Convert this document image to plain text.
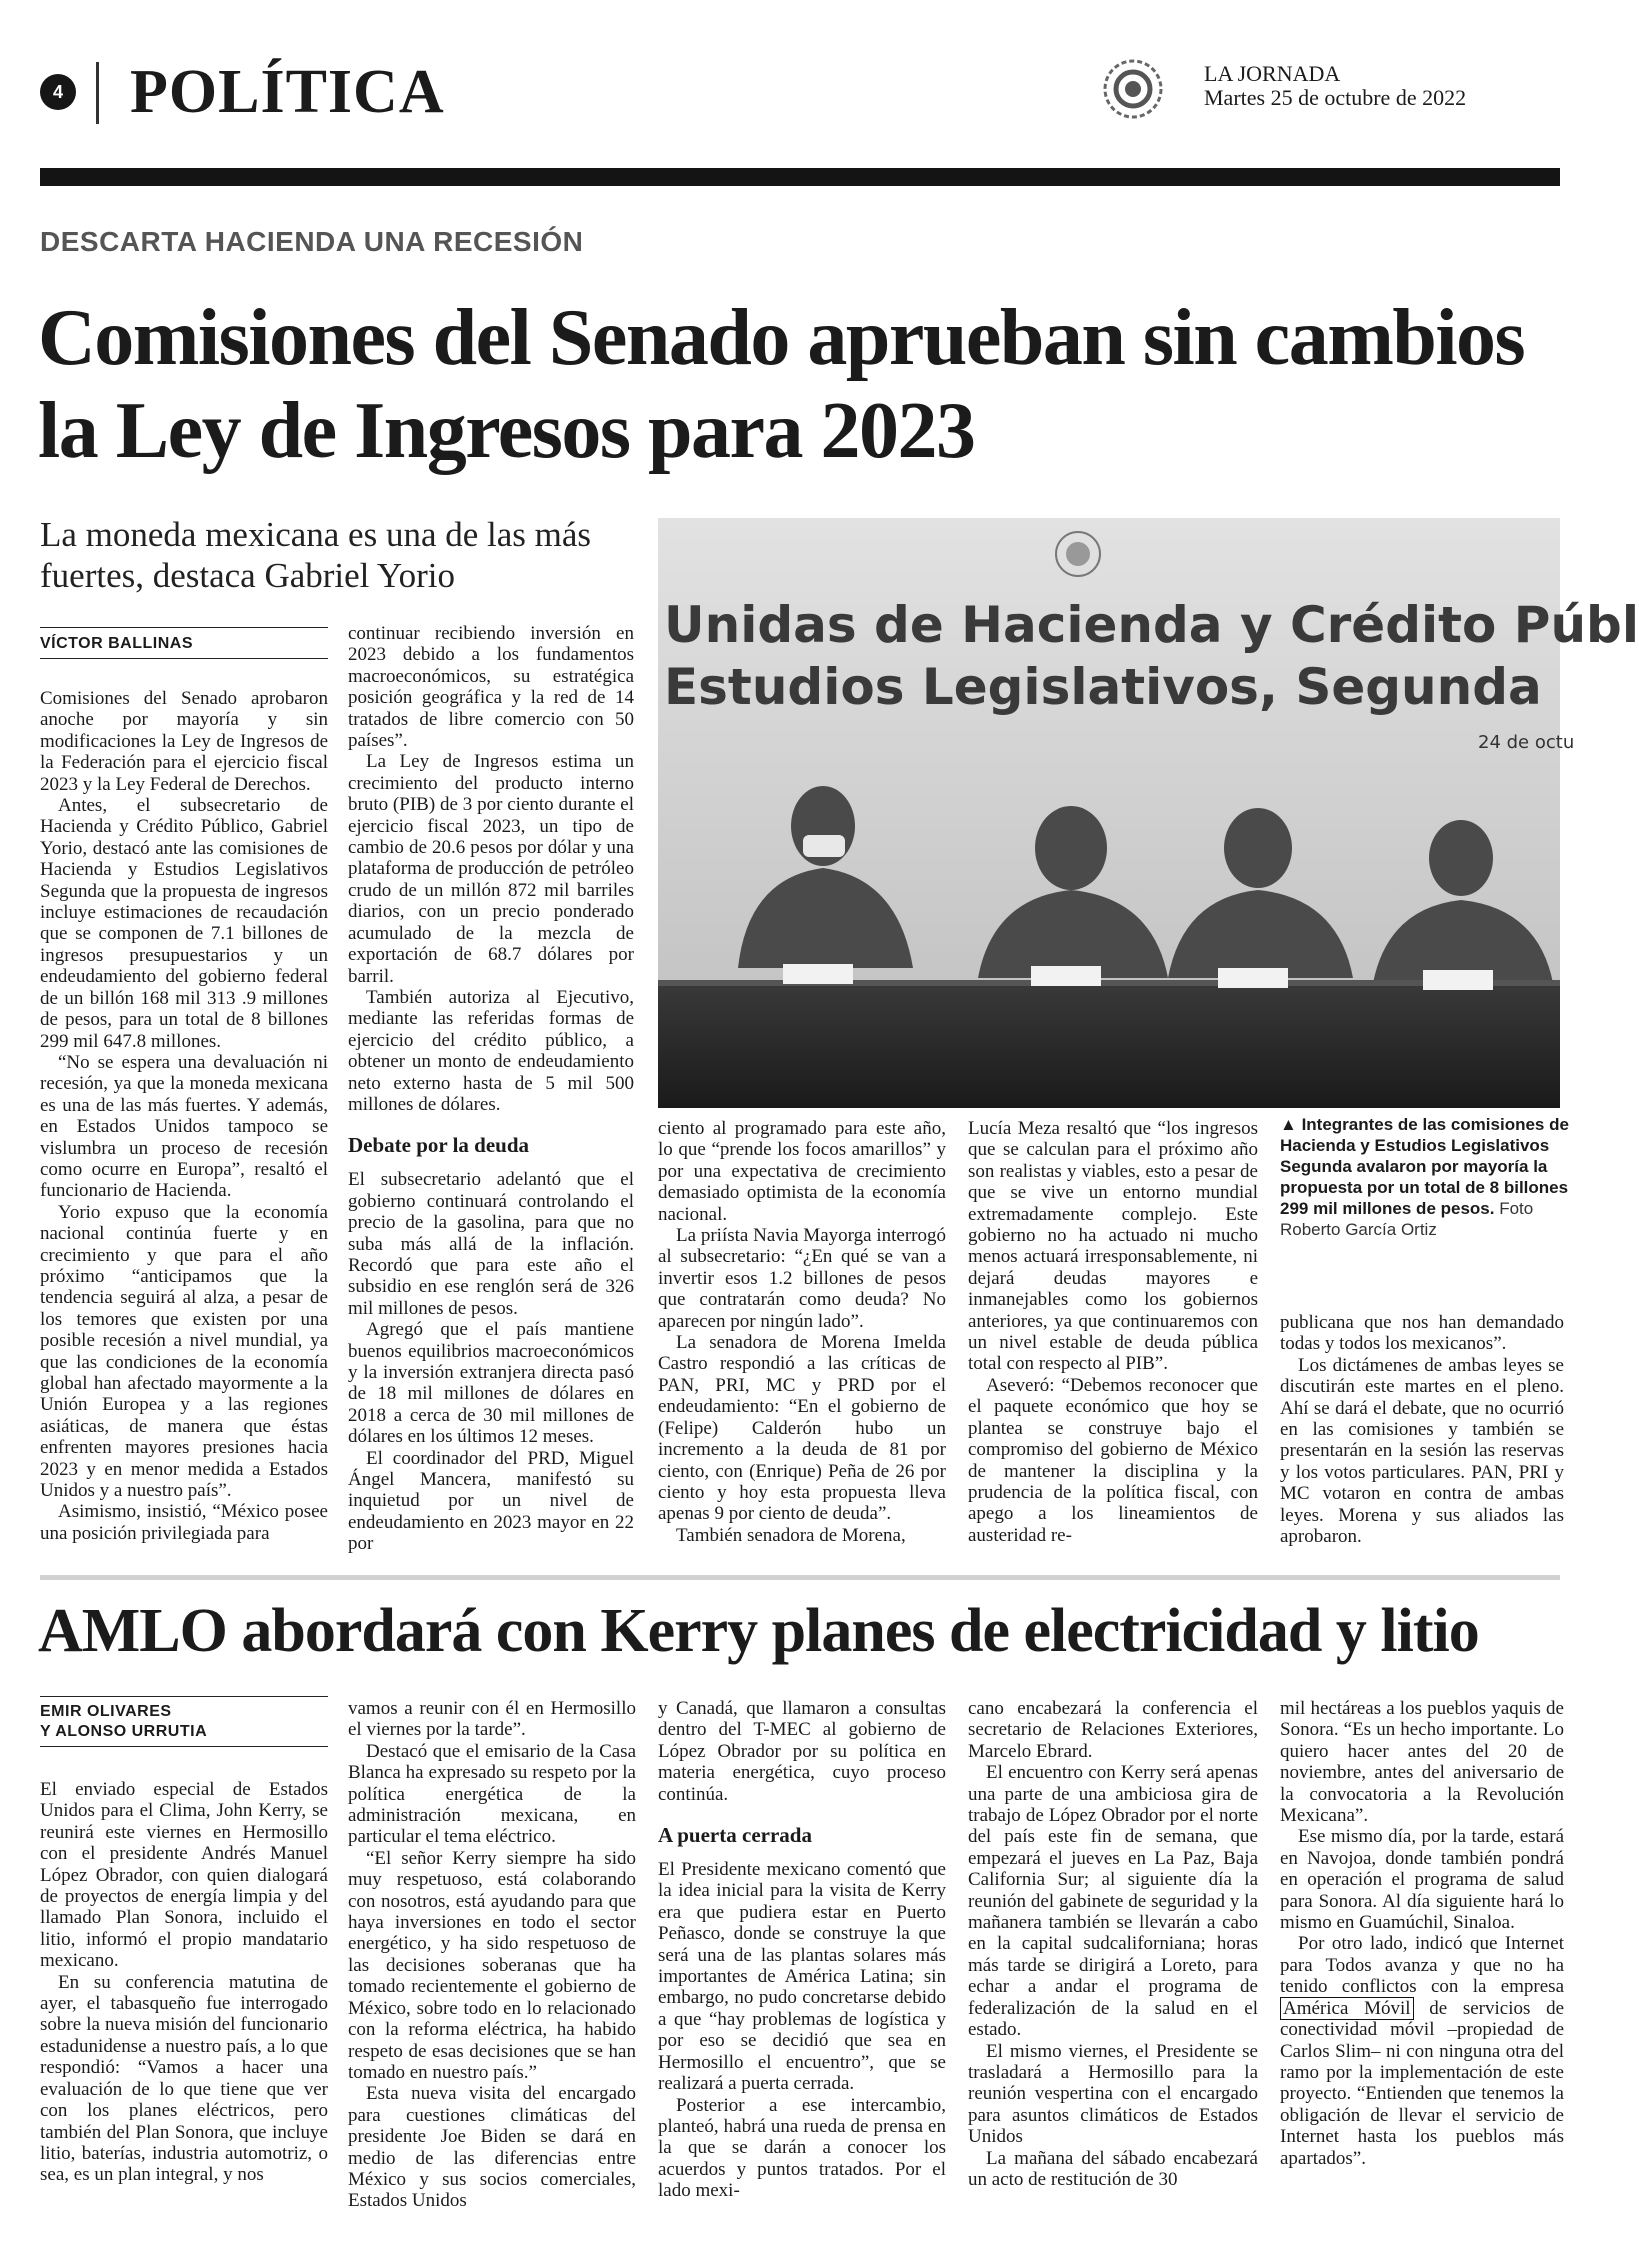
4 POLÍTICA	LA JORNADA
Martes 25 de octubre de 2022
DESCARTA HACIENDA UNA RECESIÓN
Comisiones del Senado aprueban sin cambios la Ley de Ingresos para 2023
La moneda mexicana es una de las más fuertes, destaca Gabriel Yorio
VÍCTOR BALLINAS

Comisiones del Senado aprobaron anoche por mayoría y sin modificaciones la Ley de Ingresos de la Federación para el ejercicio fiscal 2023 y la Ley Federal de Derechos.

Antes, el subsecretario de Hacienda y Crédito Público, Gabriel Yorio, destacó ante las comisiones de Hacienda y Estudios Legislativos Segunda que la propuesta de ingresos incluye estimaciones de recaudación que se componen de 7.1 billones de ingresos presupuestarios y un endeudamiento del gobierno federal de un billón 168 mil 313 .9 millones de pesos, para un total de 8 billones 299 mil 647.8 millones.

“No se espera una devaluación ni recesión, ya que la moneda mexicana es una de las más fuertes. Y además, en Estados Unidos tampoco se vislumbra un proceso de recesión como ocurre en Europa”, resaltó el funcionario de Hacienda.

Yorio expuso que la economía nacional continúa fuerte y en crecimiento y que para el año próximo “anticipamos que la tendencia seguirá al alza, a pesar de los temores que existen por una posible recesión a nivel mundial, ya que las condiciones de la economía global han afectado mayormente a la Unión Europea y a las regiones asiáticas, de manera que éstas enfrenten mayores presiones hacia 2023 y en menor medida a Estados Unidos y a nuestro país”.

Asimismo, insistió, “México posee una posición privilegiada para

continuar recibiendo inversión en 2023 debido a los fundamentos macroeconómicos, su estratégica posición geográfica y la red de 14 tratados de libre comercio con 50 países”.

La Ley de Ingresos estima un crecimiento del producto interno bruto (PIB) de 3 por ciento durante el ejercicio fiscal 2023, un tipo de cambio de 20.6 pesos por dólar y una plataforma de producción de petróleo crudo de un millón 872 mil barriles diarios, con un precio ponderado acumulado de la mezcla de exportación de 68.7 dólares por barril.

También autoriza al Ejecutivo, mediante las referidas formas de ejercicio del crédito público, a obtener un monto de endeudamiento neto externo hasta de 5 mil 500 millones de dólares.

Debate por la deuda

El subsecretario adelantó que el gobierno continuará controlando el precio de la gasolina, para que no suba más allá de la inflación. Recordó que para este año el subsidio en ese renglón será de 326 mil millones de pesos.

Agregó que el país mantiene buenos equilibrios macroeconómicos y la inversión extranjera directa pasó de 18 mil millones de dólares en 2018 a cerca de 30 mil millones de dólares en los últimos 12 meses.

El coordinador del PRD, Miguel Ángel Mancera, manifestó su inquietud por un nivel de endeudamiento en 2023 mayor en 22 por

Unidas de Hacienda y Crédito Públ
Estudios Legislativos, Segunda
24 de octu

ciento al programado para este año, lo que “prende los focos amarillos” y por una expectativa de crecimiento demasiado optimista de la economía nacional.

La priísta Navia Mayorga interrogó al subsecretario: “¿En qué se van a invertir esos 1.2 billones de pesos que contratarán como deuda? No aparecen por ningún lado”.

La senadora de Morena Imelda Castro respondió a las críticas de PAN, PRI, MC y PRD por el endeudamiento: “En el gobierno de (Felipe) Calderón hubo un incremento a la deuda de 81 por ciento, con (Enrique) Peña de 26 por ciento y hoy esta propuesta lleva apenas 9 por ciento de deuda”.

También senadora de Morena,

Lucía Meza resaltó que “los ingresos que se calculan para el próximo año son realistas y viables, esto a pesar de que se vive un entorno mundial extremadamente complejo. Este gobierno no ha actuado ni mucho menos actuará irresponsablemente, ni dejará deudas mayores e inmanejables como los gobiernos anteriores, ya que continuaremos con un nivel estable de deuda pública total con respecto al PIB”.

Aseveró: “Debemos reconocer que el paquete económico que hoy se plantea se construye bajo el compromiso del gobierno de México de mantener la disciplina y la prudencia de la política fiscal, con apego a los lineamientos de austeridad re-

▲ Integrantes de las comisiones de Hacienda y Estudios Legislativos Segunda avalaron por mayoría la propuesta por un total de 8 billones 299 mil millones de pesos. Foto Roberto García Ortiz

publicana que nos han demandado todas y todos los mexicanos”.

Los dictámenes de ambas leyes se discutirán este martes en el pleno. Ahí se dará el debate, que no ocurrió en las comisiones y también se presentarán en la sesión las reservas y los votos particulares. PAN, PRI y MC votaron en contra de ambas leyes. Morena y sus aliados las aprobaron.

AMLO abordará con Kerry planes de electricidad y litio
EMIR OLIVARES
Y ALONSO URRUTIA

El enviado especial de Estados Unidos para el Clima, John Kerry, se reunirá este viernes en Hermosillo con el presidente Andrés Manuel López Obrador, con quien dialogará de proyectos de energía limpia y del llamado Plan Sonora, incluido el litio, informó el propio mandatario mexicano.

En su conferencia matutina de ayer, el tabasqueño fue interrogado sobre la nueva misión del funcionario estadunidense a nuestro país, a lo que respondió: “Vamos a hacer una evaluación de lo que tiene que ver con los planes eléctricos, pero también del Plan Sonora, que incluye litio, baterías, industria automotriz, o sea, es un plan integral, y nos

vamos a reunir con él en Hermosillo el viernes por la tarde”.

Destacó que el emisario de la Casa Blanca ha expresado su respeto por la política energética de la administración mexicana, en particular el tema eléctrico.

“El señor Kerry siempre ha sido muy respetuoso, está colaborando con nosotros, está ayudando para que haya inversiones en todo el sector energético, y ha sido respetuoso de las decisiones soberanas que ha tomado recientemente el gobierno de México, sobre todo en lo relacionado con la reforma eléctrica, ha habido respeto de esas decisiones que se han tomado en nuestro país.”

Esta nueva visita del encargado para cuestiones climáticas del presidente Joe Biden se dará en medio de las diferencias entre México y sus socios comerciales, Estados Unidos

y Canadá, que llamaron a consultas dentro del T-MEC al gobierno de López Obrador por su política en materia energética, cuyo proceso continúa.

A puerta cerrada

El Presidente mexicano comentó que la idea inicial para la visita de Kerry era que pudiera estar en Puerto Peñasco, donde se construye la que será una de las plantas solares más importantes de América Latina; sin embargo, no pudo concretarse debido a que “hay problemas de logística y por eso se decidió que sea en Hermosillo el encuentro”, que se realizará a puerta cerrada.

Posterior a ese intercambio, planteó, habrá una rueda de prensa en la que se darán a conocer los acuerdos y puntos tratados. Por el lado mexi-

cano encabezará la conferencia el secretario de Relaciones Exteriores, Marcelo Ebrard.

El encuentro con Kerry será apenas una parte de una ambiciosa gira de trabajo de López Obrador por el norte del país este fin de semana, que empezará el jueves en La Paz, Baja California Sur; al siguiente día la reunión del gabinete de seguridad y la mañanera también se llevarán a cabo en la capital sudcaliforniana; horas más tarde se dirigirá a Loreto, para echar a andar el programa de federalización de la salud en el estado.

El mismo viernes, el Presidente se trasladará a Hermosillo para la reunión vespertina con el encargado para asuntos climáticos de Estados Unidos

La mañana del sábado encabezará un acto de restitución de 30

mil hectáreas a los pueblos yaquis de Sonora. “Es un hecho importante. Lo quiero hacer antes del 20 de noviembre, antes del aniversario de la convocatoria a la Revolución Mexicana”.

Ese mismo día, por la tarde, estará en Navojoa, donde también pondrá en operación el programa de salud para Sonora. Al día siguiente hará lo mismo en Guamúchil, Sinaloa.

Por otro lado, indicó que Internet para Todos avanza y que no ha tenido conflictos con la empresa América Móvil de servicios de conectividad móvil –propiedad de Carlos Slim– ni con ninguna otra del ramo por la implementación de este proyecto. “Entienden que tenemos la obligación de llevar el servicio de Internet hasta los pueblos más apartados”.
